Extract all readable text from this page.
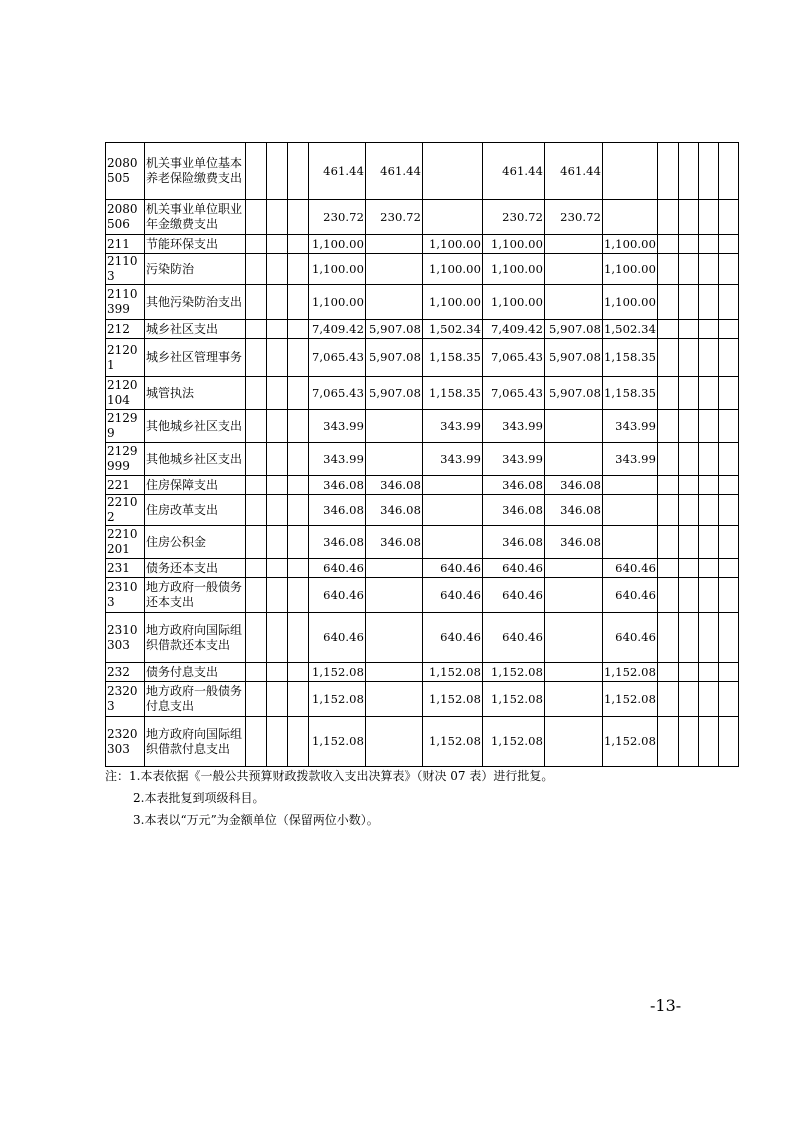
2080505	机关事业单位基本养老保险缴费支出				461.44	461.44		461.44	461.44					
2080506	机关事业单位职业年金缴费支出				230.72	230.72		230.72	230.72					
211	节能环保支出				1,100.00		1,100.00	1,100.00		1,100.00				
21103	污染防治				1,100.00		1,100.00	1,100.00		1,100.00				
2110399	其他污染防治支出				1,100.00		1,100.00	1,100.00		1,100.00				
212	城乡社区支出				7,409.42	5,907.08	1,502.34	7,409.42	5,907.08	1,502.34				
21201	城乡社区管理事务				7,065.43	5,907.08	1,158.35	7,065.43	5,907.08	1,158.35				
2120104	城管执法				7,065.43	5,907.08	1,158.35	7,065.43	5,907.08	1,158.35				
21299	其他城乡社区支出				343.99		343.99	343.99		343.99				
2129999	其他城乡社区支出				343.99		343.99	343.99		343.99				
221	住房保障支出				346.08	346.08		346.08	346.08					
22102	住房改革支出				346.08	346.08		346.08	346.08					
2210201	住房公积金				346.08	346.08		346.08	346.08					
231	债务还本支出				640.46		640.46	640.46		640.46				
23103	地方政府一般债务还本支出				640.46		640.46	640.46		640.46				
2310303	地方政府向国际组织借款还本支出				640.46		640.46	640.46		640.46				
232	债务付息支出				1,152.08		1,152.08	1,152.08		1,152.08				
23203	地方政府一般债务付息支出				1,152.08		1,152.08	1,152.08		1,152.08				
2320303	地方政府向国际组织借款付息支出				1,152.08		1,152.08	1,152.08		1,152.08				
注：1.本表依据《一般公共预算财政拨款收入支出决算表》（财决 07 表）进行批复。
2.本表批复到项级科目。
3.本表以“万元”为金额单位（保留两位小数）。
-13-
